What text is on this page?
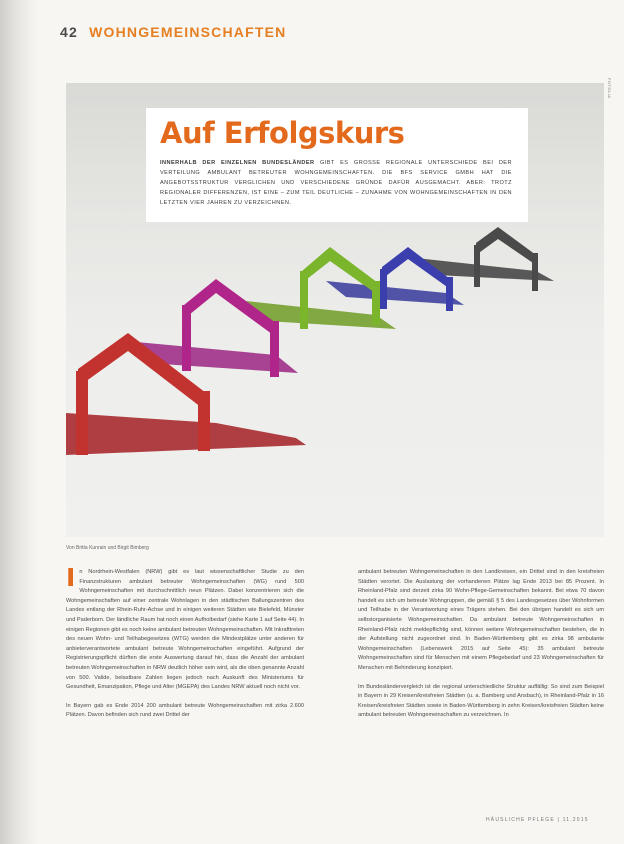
42 WOHNGEMEINSCHAFTEN
FOTOLIA
Auf Erfolgskurs
INNERHALB DER EINZELNEN BUNDESLÄNDER GIBT ES GROSSE REGIONALE UNTERSCHIEDE BEI DER VERTEILUNG AMBULANT BETREUTER WOHNGEMEINSCHAFTEN. DIE BFS SERVICE GMBH HAT DIE ANGEBOTSSTRUKTUR VERGLICHEN UND VERSCHIEDENE GRÜNDE DAFÜR AUSGEMACHT. ABER: TROTZ REGIONALER DIFFERENZEN, IST EINE – ZUM TEIL DEUTLICHE – ZUNAHME VON WOHNGEMEINSCHAFTEN IN DEN LETZTEN VIER JAHREN ZU VERZEICHNEN.
Von Britta Kunrain und Birgit Bimberg

I n Nordrhein-Westfalen (NRW) gibt es laut wissenschaftlicher Studie zu den Finanzstrukturen ambulant betreuter Wohngemeinschaften (WG) rund 500 Wohngemeinschaften mit durchschnittlich neun Plätzen. Dabei konzentrieren sich die Wohngemeinschaften auf einer zentrale Wohnlagen in den städtischen Ballungszentren des Landes entlang der Rhein-Ruhr-Achse und in einigen weiteren Städten wie Bielefeld, Münster und Paderborn. Der ländliche Raum hat noch einen Aufholbedarf (siehe Karte 1 auf Seite 44). In einigen Regionen gibt es noch keine ambulant betreuten Wohngemeinschaften. Mit Inkrafttreten des neuen Wohn- und Teilhabegesetzes (WTG) werden die Mindestplätze unter anderen für anbieterverantwortete ambulant betreute Wohngemeinschaften eingeführt. Aufgrund der Registrierungspflicht dürften die erste Auswertung darauf hin, dass die Anzahl der ambulant betreuten Wohngemeinschaften in NRW deutlich höher sein wird, als die oben genannte Anzahl von 500. Valide, belastbare Zahlen liegen jedoch nach Auskunft des Ministeriums für Gesundheit, Emanzipation, Pflege und Alter (MGEPA) des Landes NRW aktuell noch nicht vor.

In Bayern gab es Ende 2014 200 ambulant betreute Wohngemeinschaften mit zirka 2.600 Plätzen. Davon befinden sich rund zwei Drittel der

ambulant betreuten Wohngemeinschaften in den Landkreisen, ein Drittel sind in den kreisfreien Städten verortet. Die Auslastung der vorhandenen Plätze lag Ende 2013 bei 85 Prozent. In Rheinland-Pfalz sind derzeit zirka 90 Wohn-Pflege-Gemeinschaften bekannt. Bei etwa 70 davon handelt es sich um betreute Wohngruppen, die gemäß § 5 des Landesgesetzes über Wohnformen und Teilhabe in der Verantwortung eines Trägers stehen. Bei den übrigen handelt es sich um selbstorganisierte Wohngemeinschaften. Da ambulant betreute Wohngemeinschaften in Rheinland-Pfalz nicht meldepflichtig sind, können weitere Wohngemeinschaften bestehen, die in der Aufstellung nicht zugeordnet sind. In Baden-Württemberg gibt es zirka 98 ambulante Wohngemeinschaften (Lebenswerk 2015 auf Seite 45): 35 ambulant betreute Wohngemeinschaften sind für Menschen mit einem Pflegebedarf und 23 Wohngemeinschaften für Menschen mit Behinderung konzipiert.

Im Bundesländervergleich ist die regional unterschiedliche Struktur auffällig: So sind zum Beispiel in Bayern in 29 Kreisen/kreisfreien Städten (u. a. Bamberg und Ansbach), in Rheinland-Pfalz in 16 Kreisen/kreisfreien Städten sowie in Baden-Württemberg in zehn Kreisen/kreisfreien Städten keine ambulant betreuten Wohngemeinschaften zu verzeichnen. In

HÄUSLICHE PFLEGE | 11.2015
